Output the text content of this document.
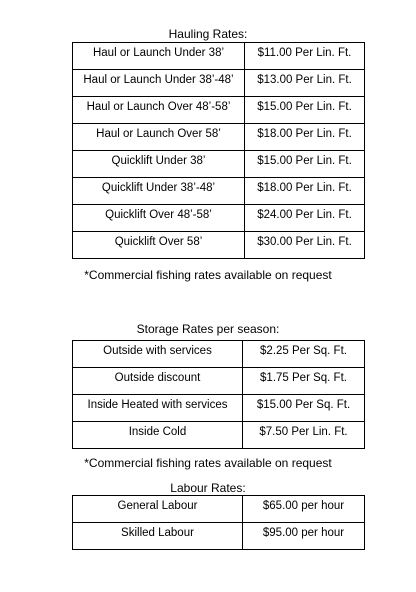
Hauling Rates:
Haul or Launch Under 38’	$11.00 Per Lin. Ft.
Haul or Launch Under 38’-48’	$13.00 Per Lin. Ft.
Haul or Launch Over 48’-58’	$15.00 Per Lin. Ft.
Haul or Launch Over 58’	$18.00 Per Lin. Ft.
Quicklift Under 38’	$15.00 Per Lin. Ft.
Quicklift Under 38’-48’	$18.00 Per Lin. Ft.
Quicklift Over 48’-58’	$24.00 Per Lin. Ft.
Quicklift Over 58’	$30.00 Per Lin. Ft.
*Commercial fishing rates available on request
Storage Rates per season:
Outside with services	$2.25 Per Sq. Ft.
Outside discount	$1.75 Per Sq. Ft.
Inside Heated with services	$15.00 Per Sq. Ft.
Inside Cold	$7.50 Per Lin. Ft.
*Commercial fishing rates available on request
Labour Rates:
General Labour	$65.00 per hour
Skilled Labour	$95.00 per hour
